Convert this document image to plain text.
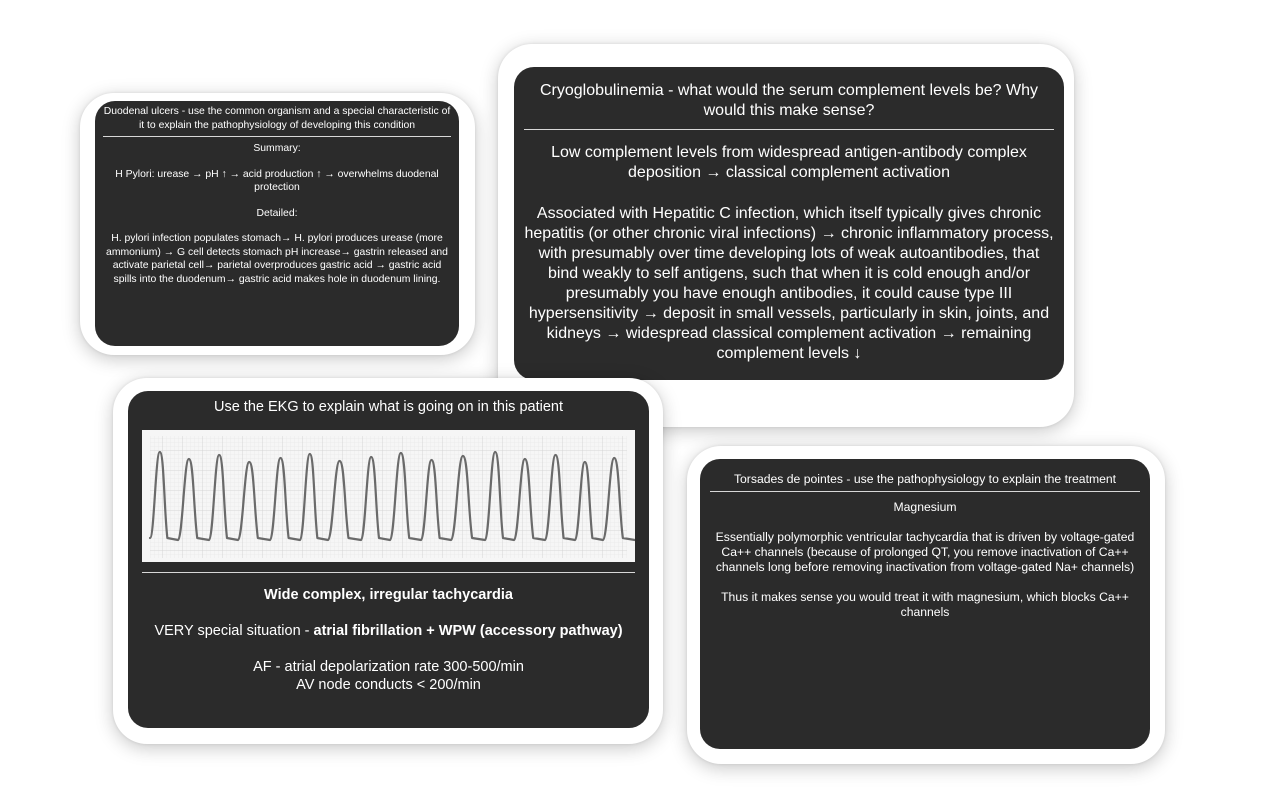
Duodenal ulcers - use the common organism and a special characteristic of it to explain the pathophysiology of developing this condition

Summary:

H Pylori: urease → pH ↑ → acid production ↑ → overwhelms duodenal protection

Detailed:

H. pylori infection populates stomach→ H. pylori produces urease (more ammonium) → G cell detects stomach pH increase→ gastrin released and activate parietal cell→ parietal overproduces gastric acid → gastric acid spills into the duodenum→ gastric acid makes hole in duodenum lining.

Cryoglobulinemia - what would the serum complement levels be? Why would this make sense?

Low complement levels from widespread antigen-antibody complex deposition → classical complement activation

Associated with Hepatitic C infection, which itself typically gives chronic hepatitis (or other chronic viral infections) → chronic inflammatory process, with presumably over time developing lots of weak autoantibodies, that bind weakly to self antigens, such that when it is cold enough and/or presumably you have enough antibodies, it could cause type III hypersensitivity → deposit in small vessels, particularly in skin, joints, and kidneys → widespread classical complement activation → remaining complement levels ↓

Use the EKG to explain what is going on in this patient

Wide complex, irregular tachycardia

VERY special situation - atrial fibrillation + WPW (accessory pathway)

AF - atrial depolarization rate 300-500/min

AV node conducts < 200/min

Torsades de pointes - use the pathophysiology to explain the treatment

Magnesium

Essentially polymorphic ventricular tachycardia that is driven by voltage-gated Ca++ channels (because of prolonged QT, you remove inactivation of Ca++ channels long before removing inactivation from voltage-gated Na+ channels)

Thus it makes sense you would treat it with magnesium, which blocks Ca++ channels
